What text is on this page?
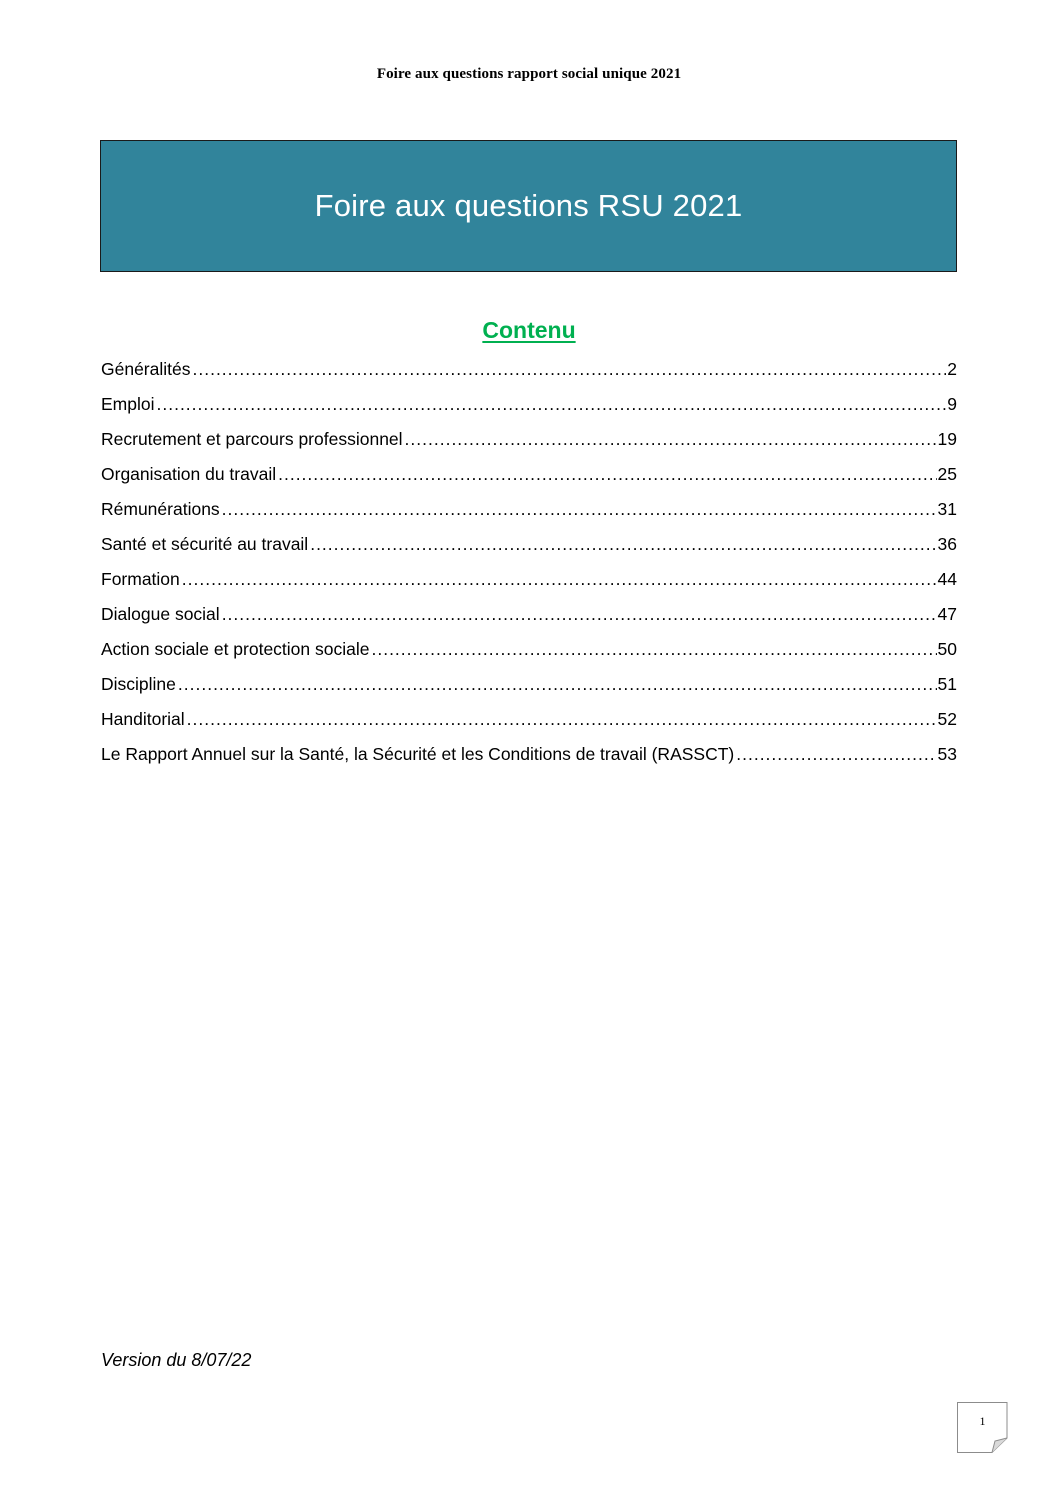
Foire aux questions rapport social unique 2021
Foire aux questions RSU 2021
Contenu
Généralités .....	2
Emploi .....	9
Recrutement et parcours professionnel .....	19
Organisation du travail .....	25
Rémunérations .....	31
Santé et sécurité au travail .....	36
Formation .....	44
Dialogue social .....	47
Action sociale et protection sociale .....	50
Discipline .....	51
Handitorial .....	52
Le Rapport Annuel sur la Santé, la Sécurité et les Conditions de travail (RASSCT) .....	53
Version du 8/07/22
1
